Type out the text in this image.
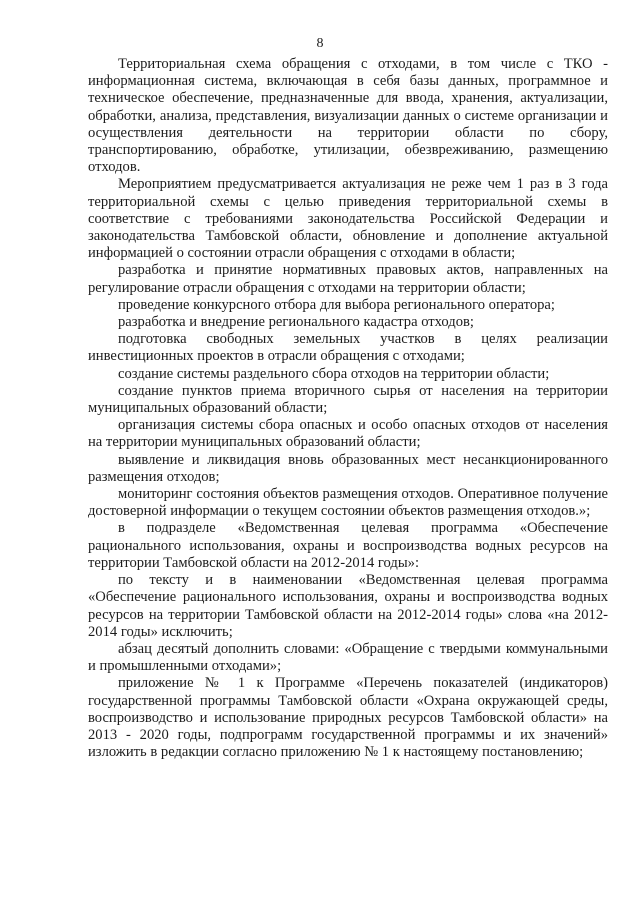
8

Территориальная схема обращения с отходами, в том числе с ТКО - информационная система, включающая в себя базы данных, программное и техническое обеспечение, предназначенные для ввода, хранения, актуализации, обработки, анализа, представления, визуализации данных о системе организации и осуществления деятельности на территории области по сбору, транспортированию, обработке, утилизации, обезвреживанию, размещению отходов.

Мероприятием предусматривается актуализация не реже чем 1 раз в 3 года территориальной схемы с целью приведения территориальной схемы в соответствие с требованиями законодательства Российской Федерации и законодательства Тамбовской области, обновление и дополнение актуальной информацией о состоянии отрасли обращения с отходами в области;

разработка и принятие нормативных правовых актов, направленных на регулирование отрасли обращения с отходами на территории области;

проведение конкурсного отбора для выбора регионального оператора;

разработка и внедрение регионального кадастра отходов;

подготовка свободных земельных участков в целях реализации инвестиционных проектов в отрасли обращения с отходами;

создание системы раздельного сбора отходов на территории области;

создание пунктов приема вторичного сырья от населения на территории муниципальных образований области;

организация системы сбора опасных и особо опасных отходов от населения на территории муниципальных образований области;

выявление и ликвидация вновь образованных мест несанкционированного размещения отходов;

мониторинг состояния объектов размещения отходов. Оперативное получение достоверной информации о текущем состоянии объектов размещения отходов.»;

в подразделе «Ведомственная целевая программа «Обеспечение рационального использования, охраны и воспроизводства водных ресурсов на территории Тамбовской области на 2012-2014 годы»:

по тексту и в наименовании «Ведомственная целевая программа «Обеспечение рационального использования, охраны и воспроизводства водных ресурсов на территории Тамбовской области на 2012-2014 годы» слова «на 2012-2014 годы» исключить;

абзац десятый дополнить словами: «Обращение с твердыми коммунальными и промышленными отходами»;

приложение № 1 к Программе «Перечень показателей (индикаторов) государственной программы Тамбовской области «Охрана окружающей среды, воспроизводство и использование природных ресурсов Тамбовской области» на 2013 - 2020 годы, подпрограмм государственной программы и их значений» изложить в редакции согласно приложению № 1 к настоящему постановлению;
